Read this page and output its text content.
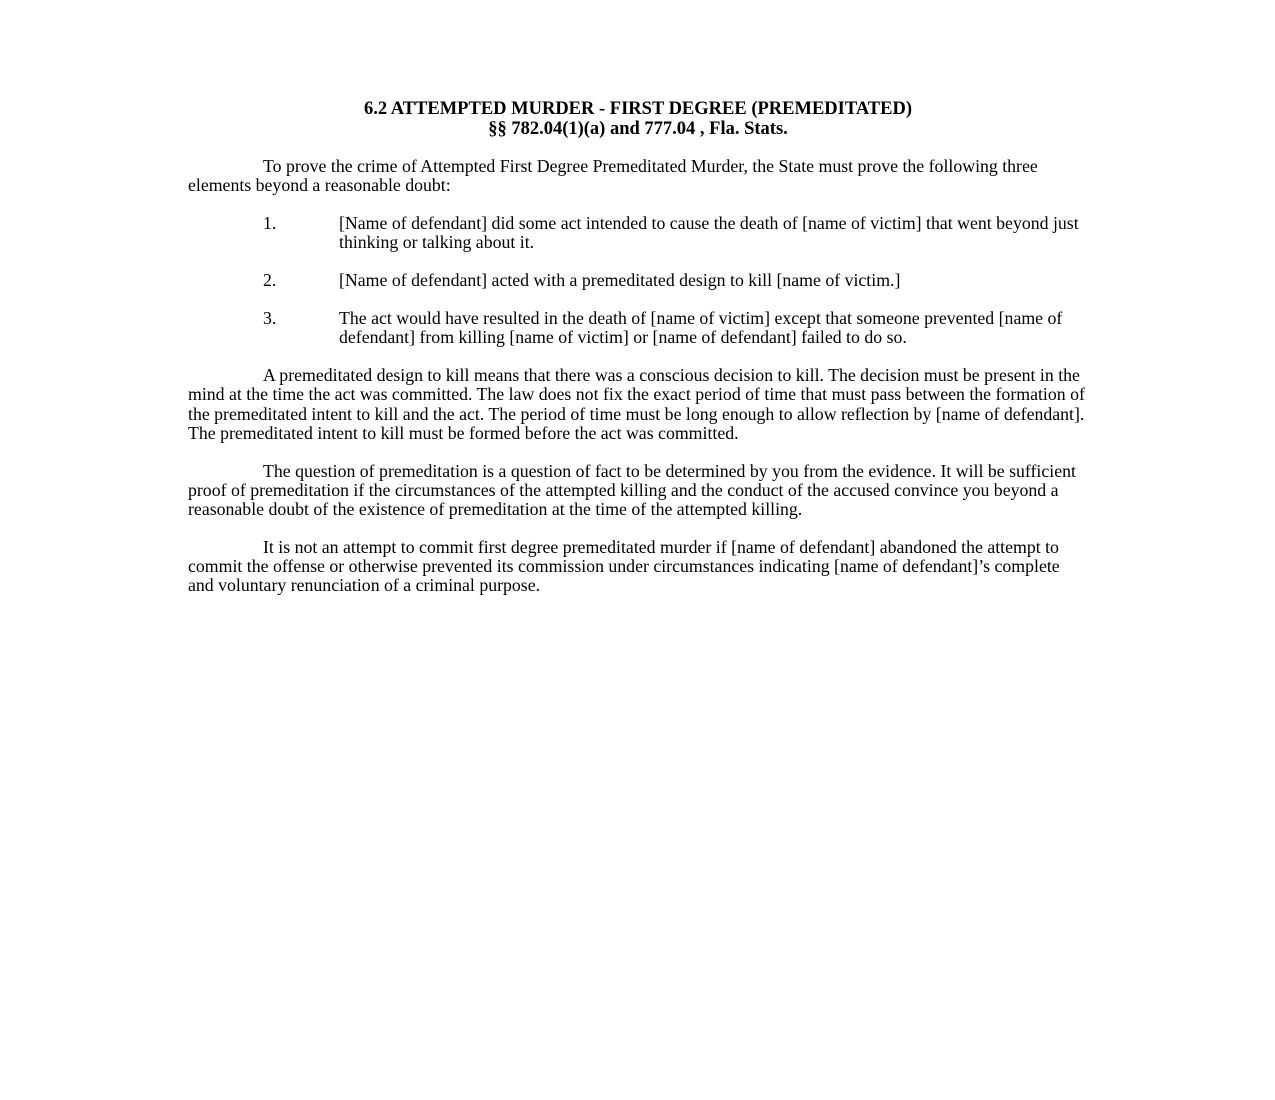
6.2 ATTEMPTED MURDER - FIRST DEGREE (PREMEDITATED)
§§ 782.04(1)(a) and 777.04 , Fla. Stats.

To prove the crime of Attempted First Degree Premeditated Murder, the State must prove the following three elements beyond a reasonable doubt:

1.	[Name of defendant] did some act intended to cause the death of [name of victim] that went beyond just thinking or talking about it.
2.	[Name of defendant] acted with a premeditated design to kill [name of victim.]
3.	The act would have resulted in the death of [name of victim] except that someone prevented [name of defendant] from killing [name of victim] or [name of defendant] failed to do so.

A premeditated design to kill means that there was a conscious decision to kill. The decision must be present in the mind at the time the act was committed. The law does not fix the exact period of time that must pass between the formation of the premeditated intent to kill and the act. The period of time must be long enough to allow reflection by [name of defendant]. The premeditated intent to kill must be formed before the act was committed.

The question of premeditation is a question of fact to be determined by you from the evidence. It will be sufficient proof of premeditation if the circumstances of the attempted killing and the conduct of the accused convince you beyond a reasonable doubt of the existence of premeditation at the time of the attempted killing.

It is not an attempt to commit first degree premeditated murder if [name of defendant] abandoned the attempt to commit the offense or otherwise prevented its commission under circumstances indicating [name of defendant]’s complete and voluntary renunciation of a criminal purpose.
